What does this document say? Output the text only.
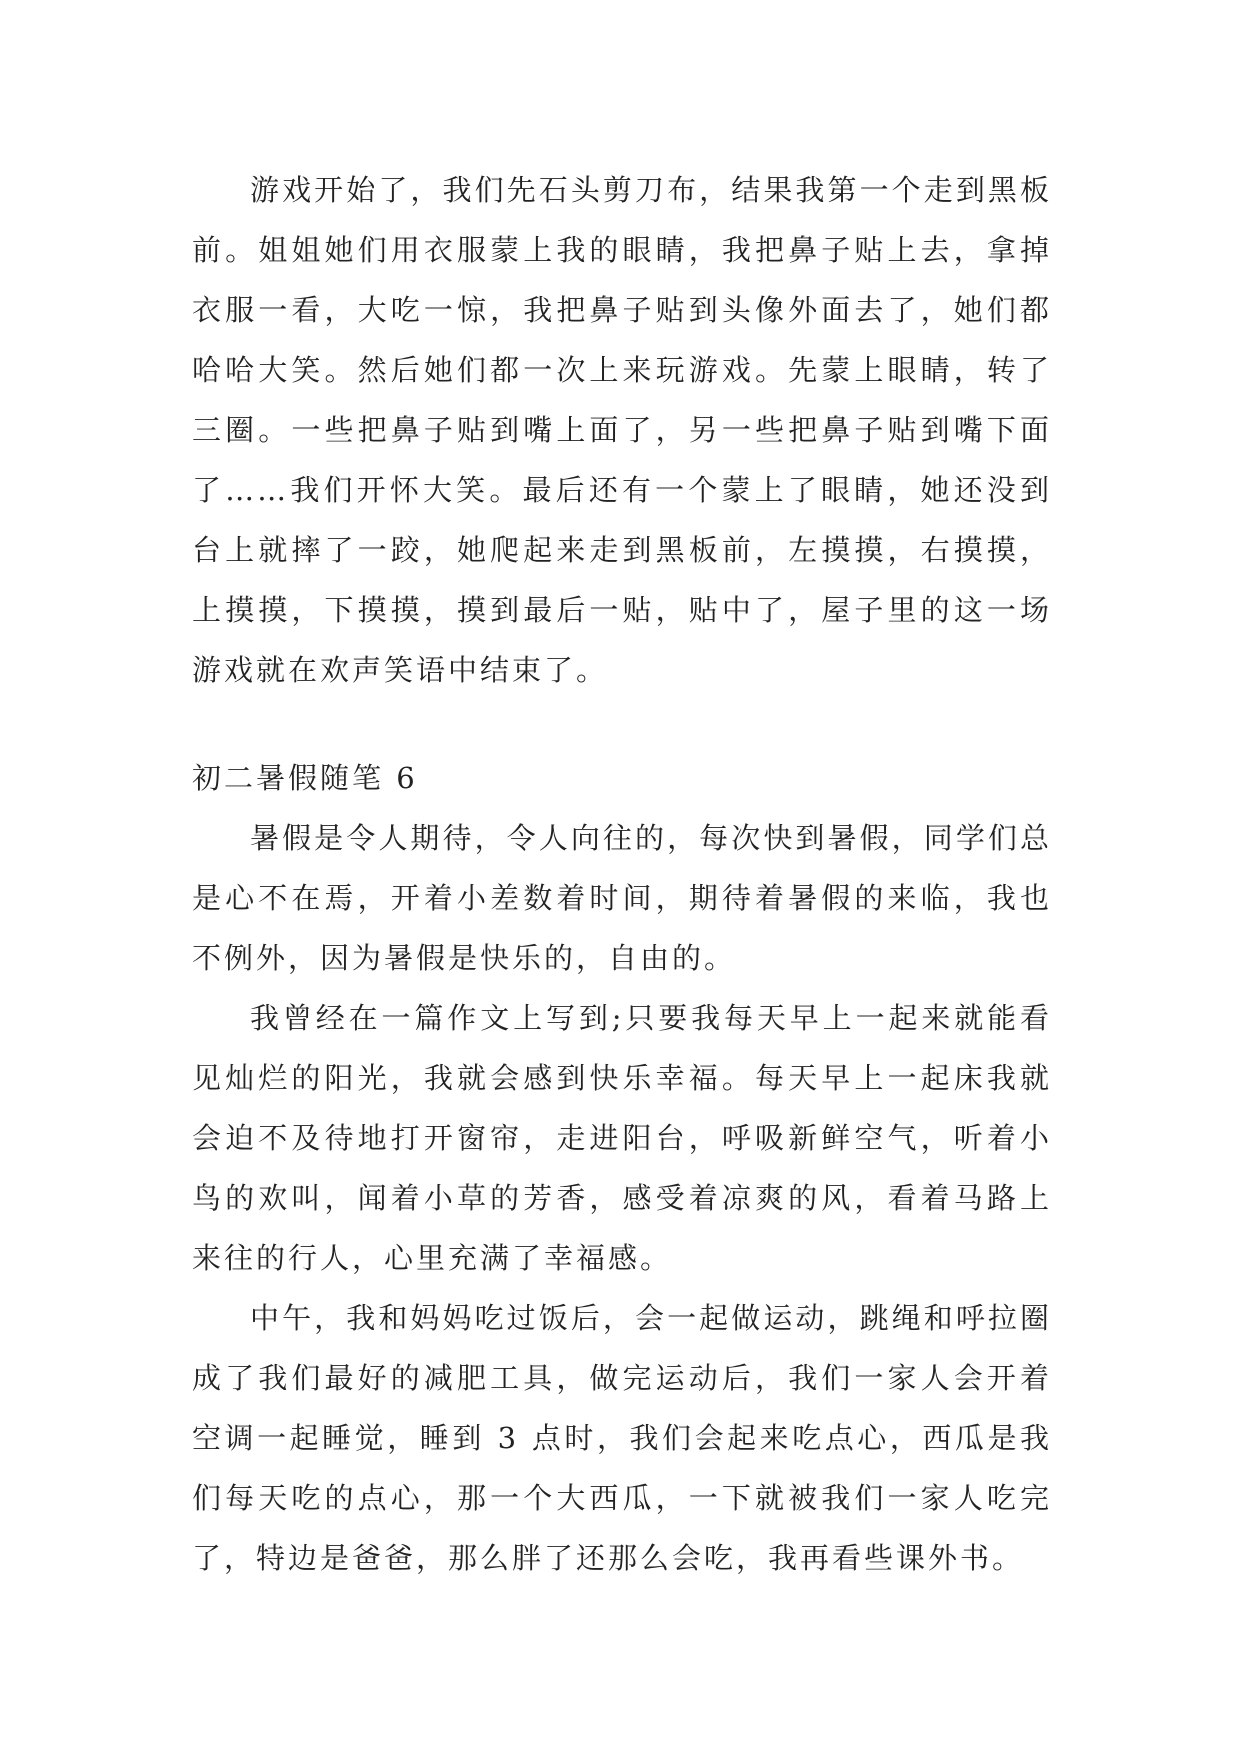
游戏开始了，我们先石头剪刀布，结果我第一个走到黑板前。姐姐她们用衣服蒙上我的眼睛，我把鼻子贴上去，拿掉衣服一看，大吃一惊，我把鼻子贴到头像外面去了，她们都哈哈大笑。然后她们都一次上来玩游戏。先蒙上眼睛，转了三圈。一些把鼻子贴到嘴上面了，另一些把鼻子贴到嘴下面了……我们开怀大笑。最后还有一个蒙上了眼睛，她还没到台上就摔了一跤，她爬起来走到黑板前，左摸摸，右摸摸，上摸摸，下摸摸，摸到最后一贴，贴中了，屋子里的这一场游戏就在欢声笑语中结束了。

初二暑假随笔 6

暑假是令人期待，令人向往的，每次快到暑假，同学们总是心不在焉，开着小差数着时间，期待着暑假的来临，我也不例外，因为暑假是快乐的，自由的。

我曾经在一篇作文上写到;只要我每天早上一起来就能看见灿烂的阳光，我就会感到快乐幸福。每天早上一起床我就会迫不及待地打开窗帘，走进阳台，呼吸新鲜空气，听着小鸟的欢叫，闻着小草的芳香，感受着凉爽的风，看着马路上来往的行人，心里充满了幸福感。

中午，我和妈妈吃过饭后，会一起做运动，跳绳和呼拉圈成了我们最好的减肥工具，做完运动后，我们一家人会开着空调一起睡觉，睡到 3 点时，我们会起来吃点心，西瓜是我们每天吃的点心，那一个大西瓜，一下就被我们一家人吃完了，特边是爸爸，那么胖了还那么会吃，我再看些课外书。
